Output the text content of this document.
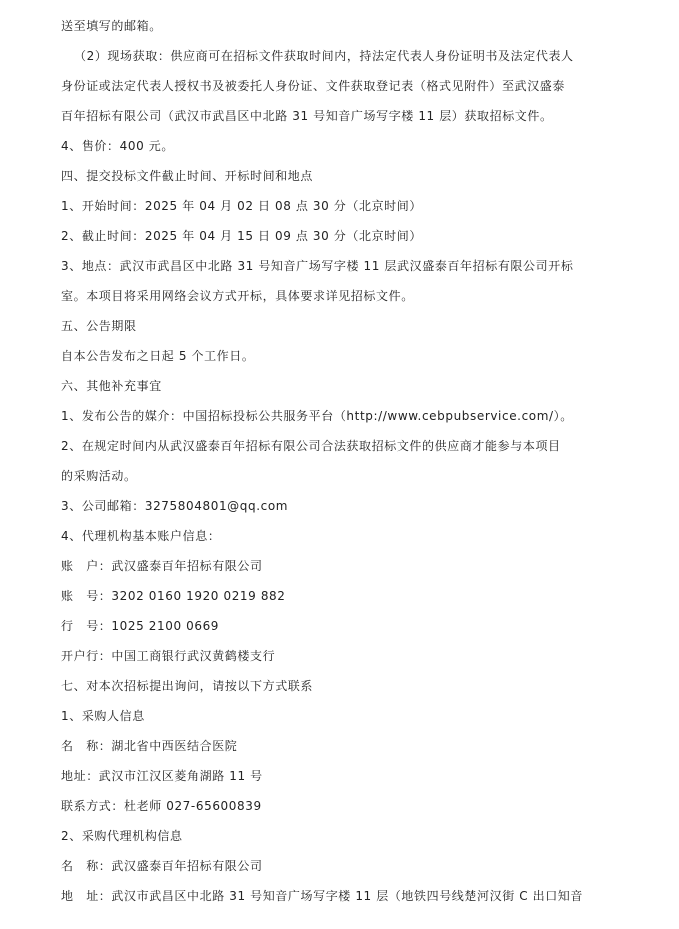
送至填写的邮箱。
（2）现场获取：供应商可在招标文件获取时间内，持法定代表人身份证明书及法定代表人
身份证或法定代表人授权书及被委托人身份证、文件获取登记表（格式见附件）至武汉盛泰
百年招标有限公司（武汉市武昌区中北路 31 号知音广场写字楼 11 层）获取招标文件。
4、售价：400 元。
四、提交投标文件截止时间、开标时间和地点
1、开始时间：2025 年 04 月 02 日 08 点 30 分（北京时间）
2、截止时间：2025 年 04 月 15 日 09 点 30 分（北京时间）
3、地点：武汉市武昌区中北路 31 号知音广场写字楼 11 层武汉盛泰百年招标有限公司开标
室。本项目将采用网络会议方式开标，具体要求详见招标文件。
五、公告期限
自本公告发布之日起 5 个工作日。
六、其他补充事宜
1、发布公告的媒介：中国招标投标公共服务平台（http://www.cebpubservice.com/）。
2、在规定时间内从武汉盛泰百年招标有限公司合法获取招标文件的供应商才能参与本项目
的采购活动。
3、公司邮箱：3275804801@qq.com
4、代理机构基本账户信息：
账　户：武汉盛泰百年招标有限公司
账　号：3202 0160 1920 0219 882
行　号：1025 2100 0669
开户行：中国工商银行武汉黄鹤楼支行
七、对本次招标提出询问，请按以下方式联系
1、采购人信息
名　称：湖北省中西医结合医院
地址：武汉市江汉区菱角湖路 11 号
联系方式：杜老师 027-65600839
2、采购代理机构信息
名　称：武汉盛泰百年招标有限公司
地　址：武汉市武昌区中北路 31 号知音广场写字楼 11 层（地铁四号线楚河汉街 C 出口知音
